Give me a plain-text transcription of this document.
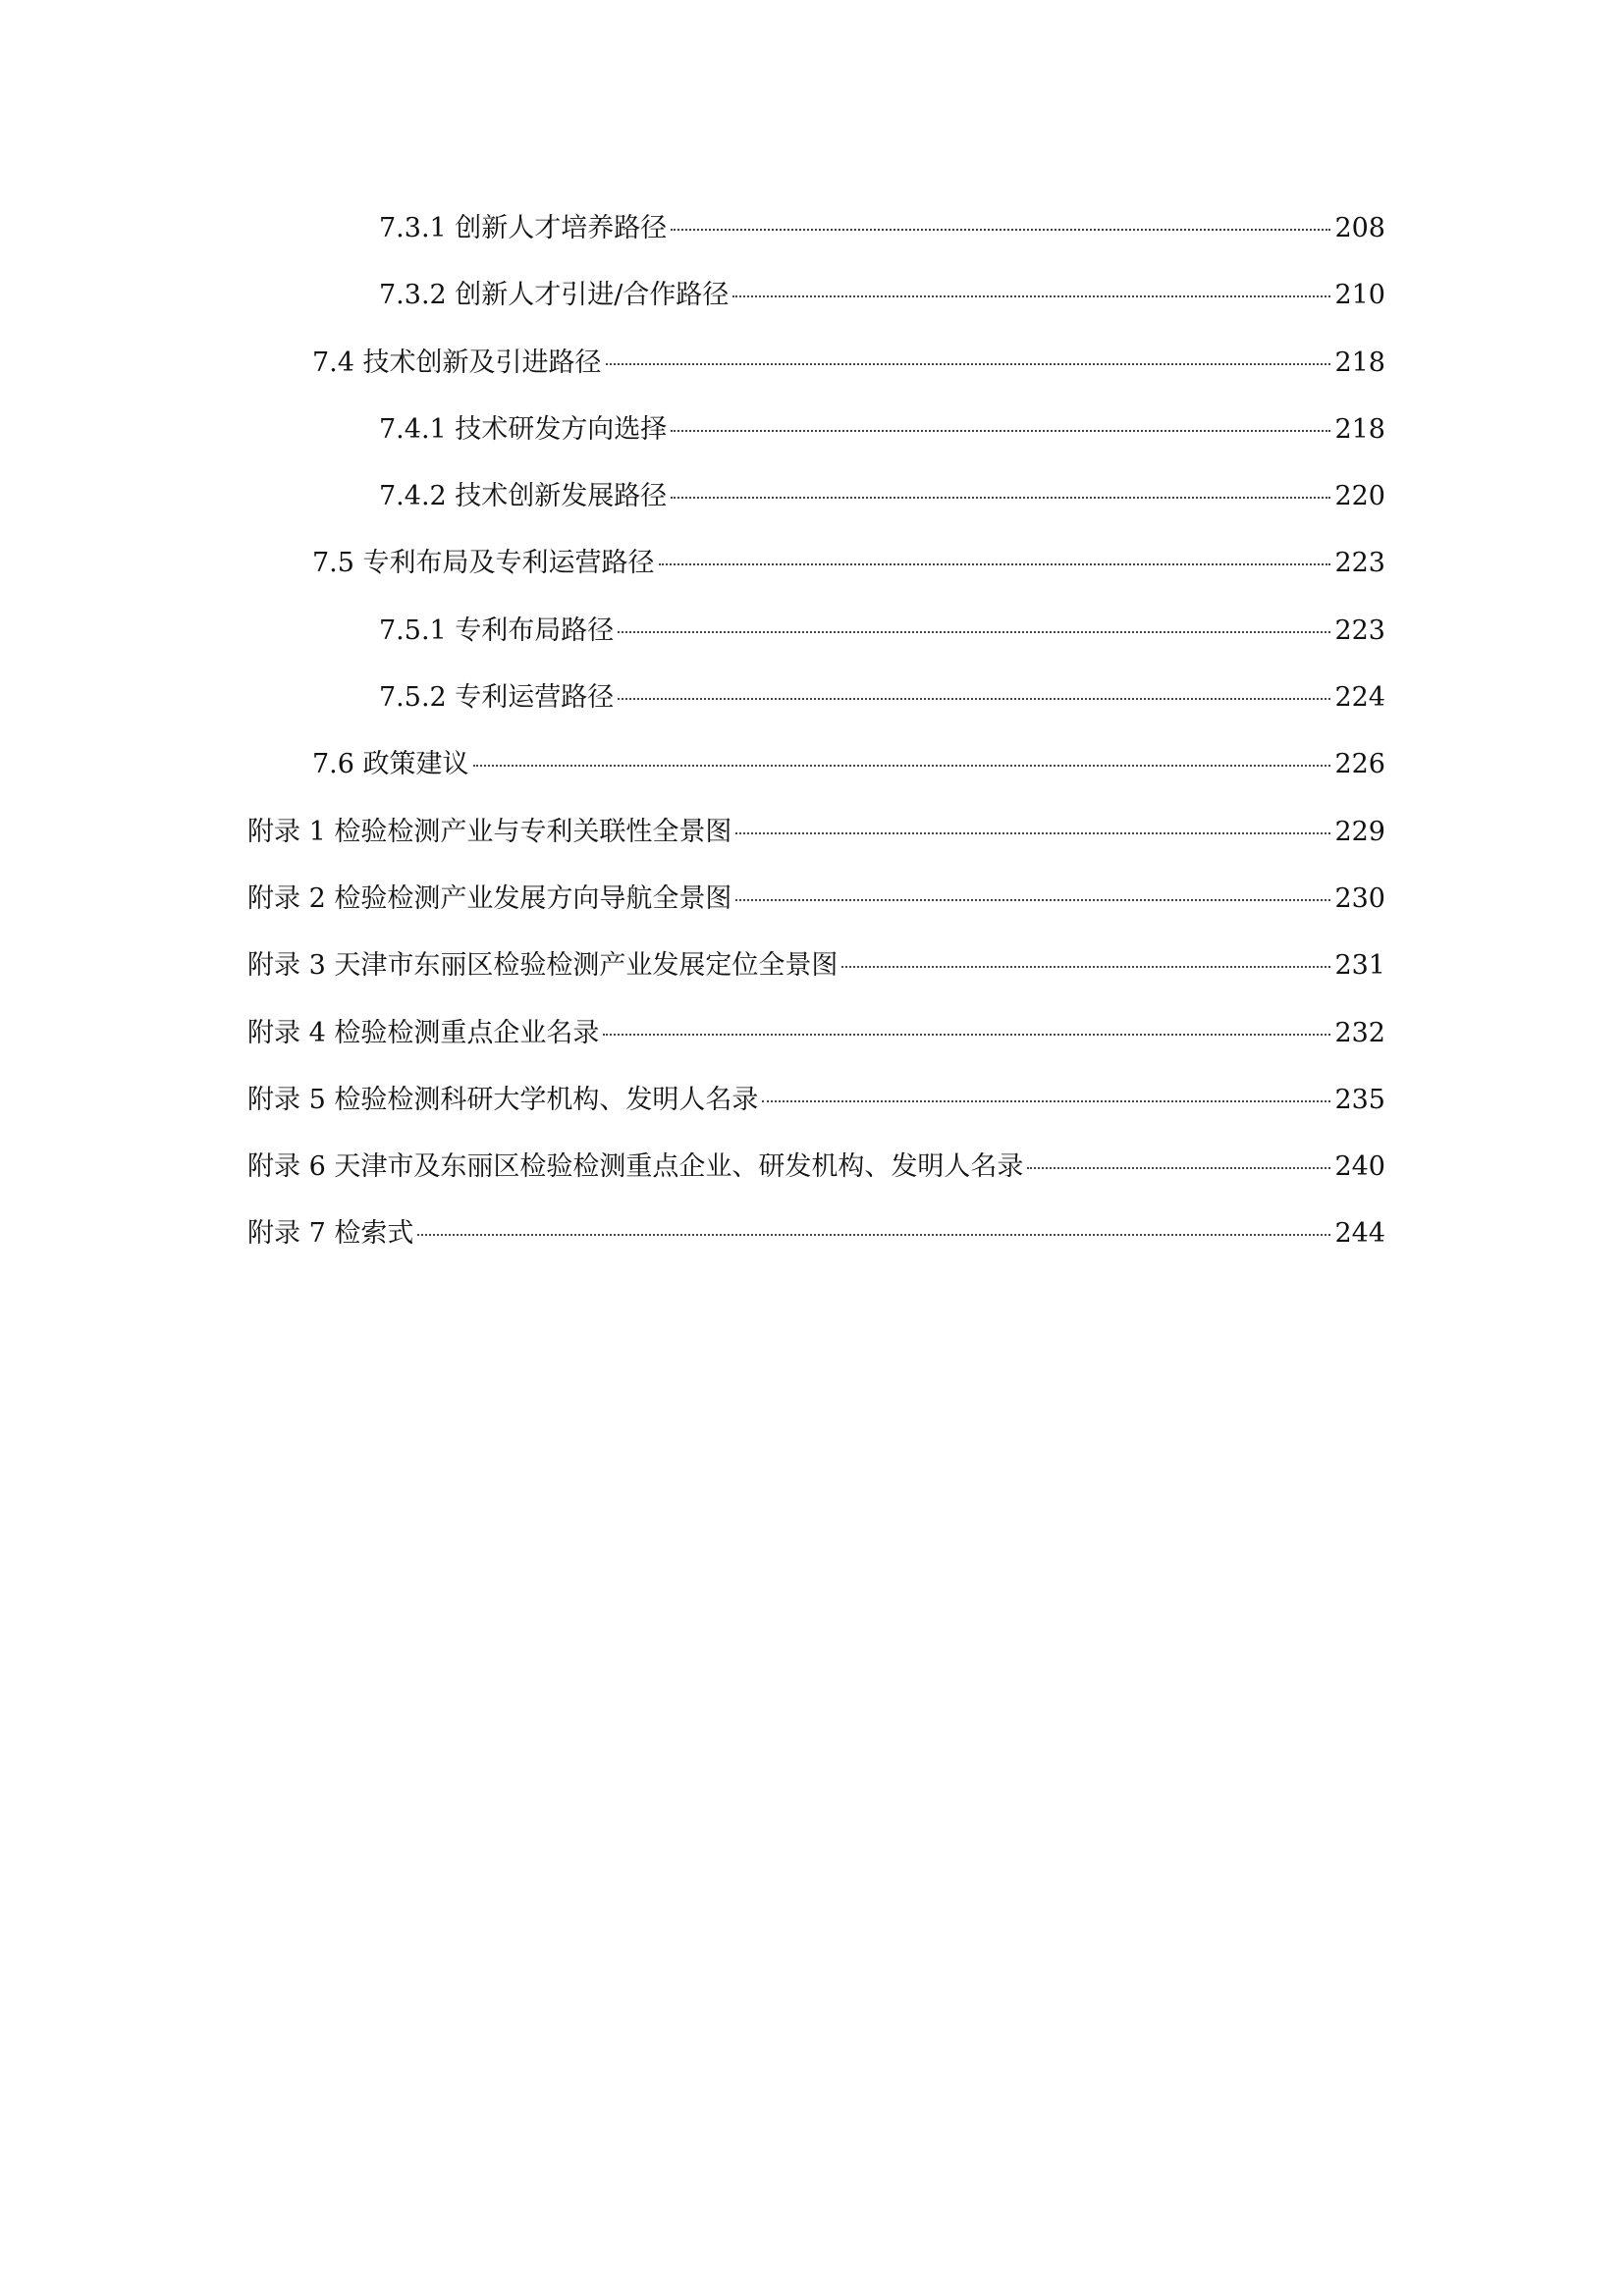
7.3.1 创新人才培养路径	208
7.3.2 创新人才引进/合作路径	210
7.4 技术创新及引进路径	218
7.4.1 技术研发方向选择	218
7.4.2 技术创新发展路径	220
7.5 专利布局及专利运营路径	223
7.5.1 专利布局路径	223
7.5.2 专利运营路径	224
7.6 政策建议	226
附录 1 检验检测产业与专利关联性全景图	229
附录 2 检验检测产业发展方向导航全景图	230
附录 3 天津市东丽区检验检测产业发展定位全景图	231
附录 4 检验检测重点企业名录	232
附录 5 检验检测科研大学机构、发明人名录	235
附录 6 天津市及东丽区检验检测重点企业、研发机构、发明人名录	240
附录 7 检索式	244
